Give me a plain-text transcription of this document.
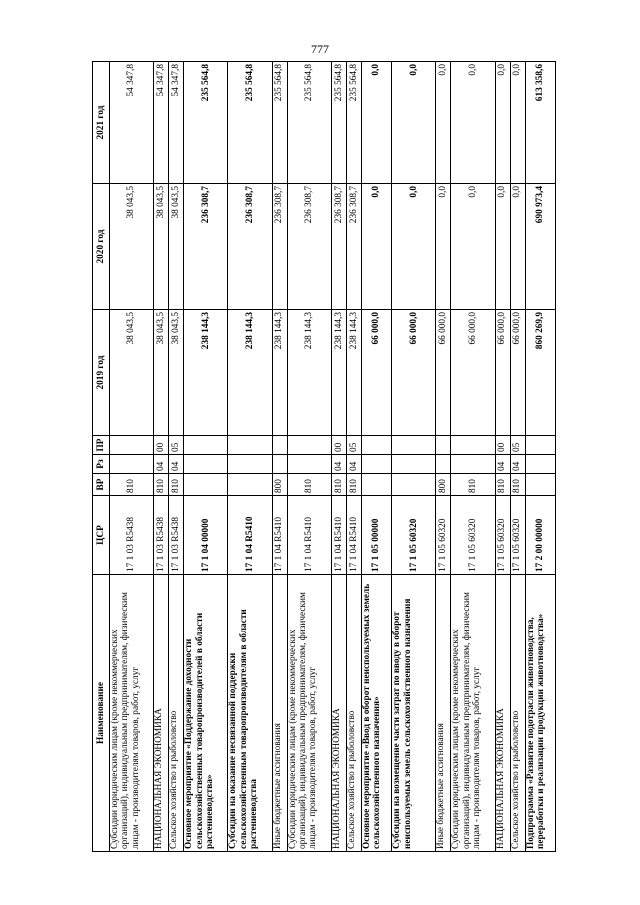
777
Наименование	ЦСР	ВР	Рз	ПР	2019 год	2020 год	2021 год
Субсидии юридическим лицам (кроме некоммерческих организаций), индивидуальным предпринимателям, физическим лицам - производителям товаров, работ, услуг	17 1 03 R5438	810			38 043,5	38 043,5	54 347,8
НАЦИОНАЛЬНАЯ ЭКОНОМИКА	17 1 03 R5438	810	04	00	38 043,5	38 043,5	54 347,8
Сельское хозяйство и рыболовство	17 1 03 R5438	810	04	05	38 043,5	38 043,5	54 347,8
Основное мероприятие «Поддержание доходности сельскохозяйственных товаропроизводителей в области растениеводства»	17 1 04 00000				238 144,3	236 308,7	235 564,8
Субсидии на оказание несвязанной поддержки сельскохозяйственным товаропроизводителям в области растениеводства	17 1 04 R5410				238 144,3	236 308,7	235 564,8
Иные бюджетные ассигнования	17 1 04 R5410	800			238 144,3	236 308,7	235 564,8
Субсидии юридическим лицам (кроме некоммерческих организаций), индивидуальным предпринимателям, физическим лицам - производителям товаров, работ, услуг	17 1 04 R5410	810			238 144,3	236 308,7	235 564,8
НАЦИОНАЛЬНАЯ ЭКОНОМИКА	17 1 04 R5410	810	04	00	238 144,3	236 308,7	235 564,8
Сельское хозяйство и рыболовство	17 1 04 R5410	810	04	05	238 144,3	236 308,7	235 564,8
Основное мероприятие «Ввод в оборот неиспользуемых земель сельскохозяйственного назначения»	17 1 05 00000				66 000,0	0,0	0,0
Субсидии на возмещение части затрат по вводу в оборот неиспользуемых земель сельскохозяйственного назначения	17 1 05 60320				66 000,0	0,0	0,0
Иные бюджетные ассигнования	17 1 05 60320	800			66 000,0	0,0	0,0
Субсидии юридическим лицам (кроме некоммерческих организаций), индивидуальным предпринимателям, физическим лицам - производителям товаров, работ, услуг	17 1 05 60320	810			66 000,0	0,0	0,0
НАЦИОНАЛЬНАЯ ЭКОНОМИКА	17 1 05 60320	810	04	00	66 000,0	0,0	0,0
Сельское хозяйство и рыболовство	17 1 05 60320	810	04	05	66 000,0	0,0	0,0
Подпрограмма «Развитие подотрасли животноводства, переработки и реализации продукции животноводства»	17 2 00 00000				860 269,9	690 973,4	613 358,6
